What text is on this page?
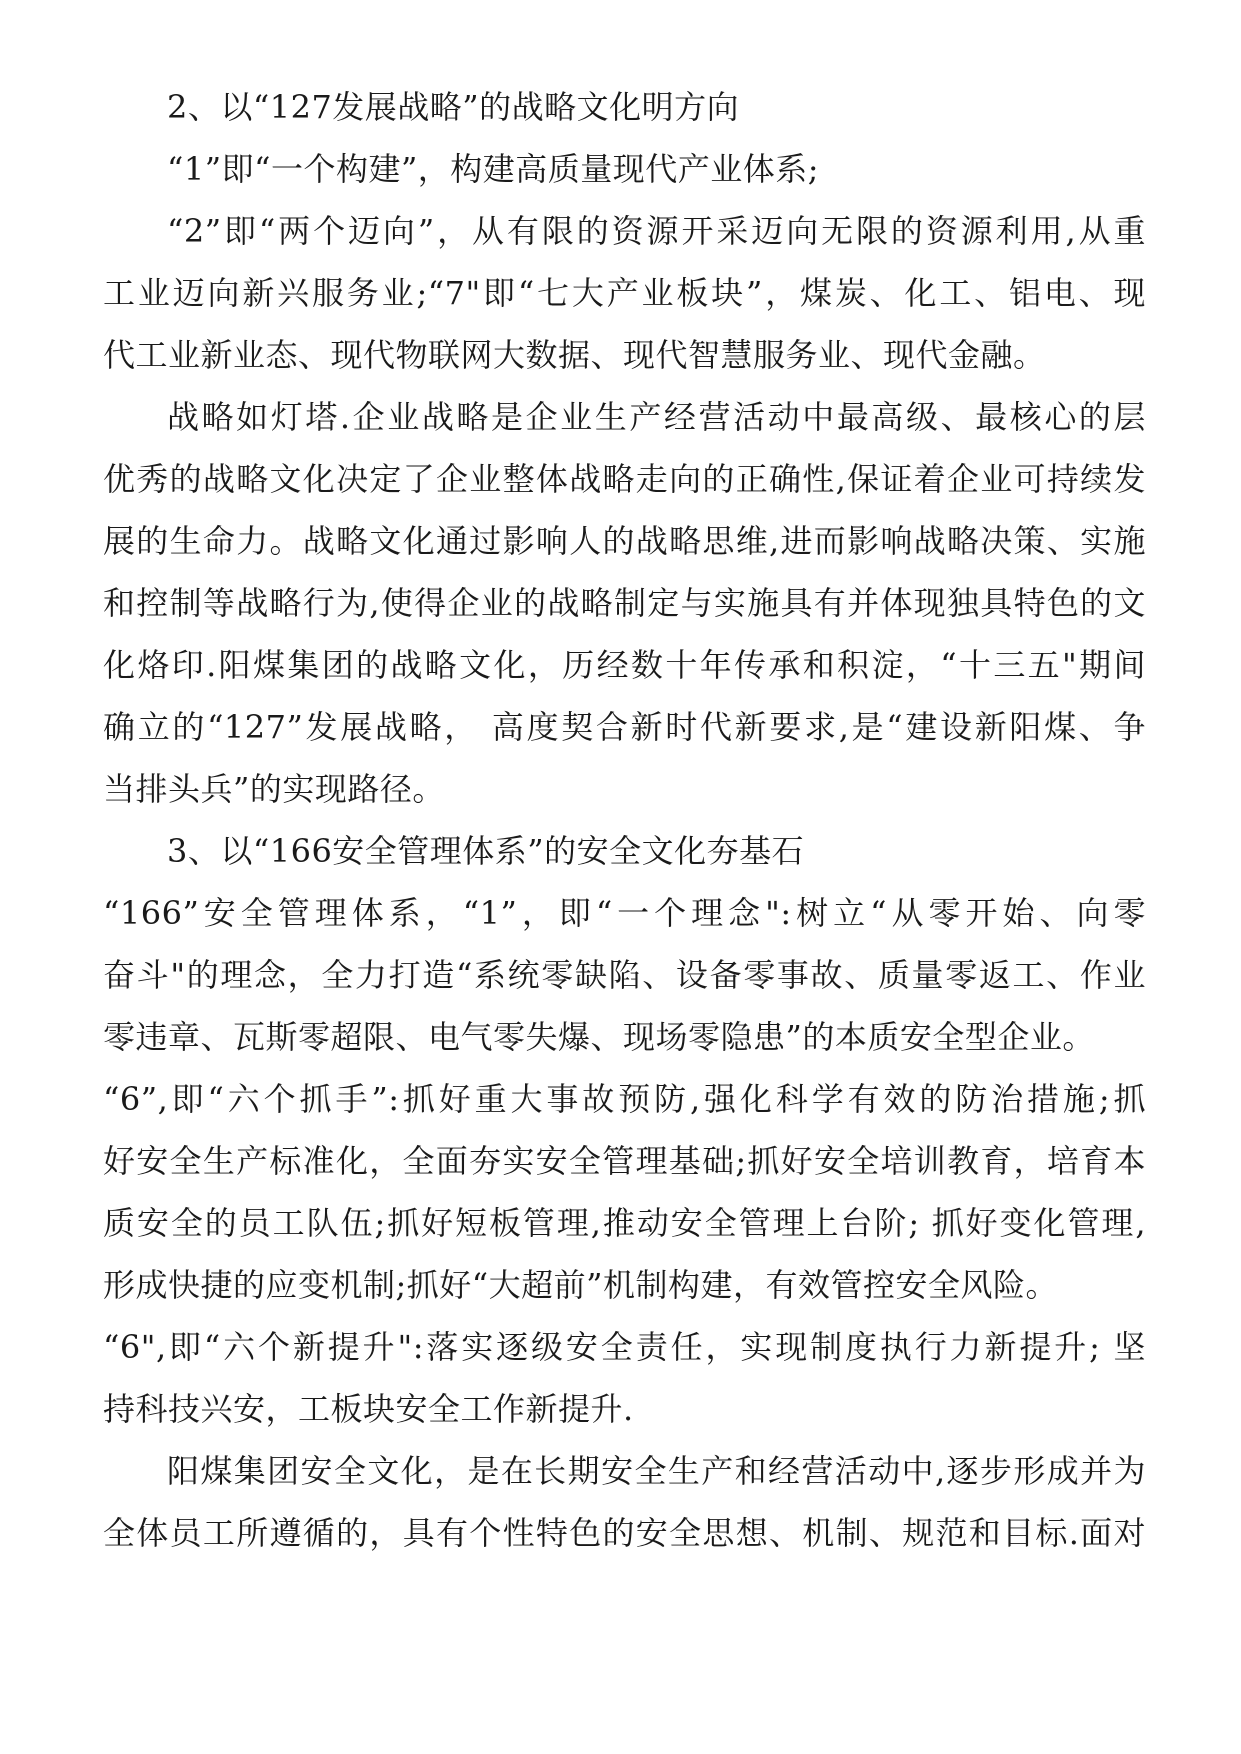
2、以“127发展战略”的战略文化明方向
“1”即“一个构建”，构建高质量现代产业体系;
“2”即“两个迈向”，从有限的资源开采迈向无限的资源利用,从重
工业迈向新兴服务业;“7"即“七大产业板块”，煤炭、化工、铝电、现
代工业新业态、现代物联网大数据、现代智慧服务业、现代金融。
战略如灯塔.企业战略是企业生产经营活动中最高级、最核心的层
优秀的战略文化决定了企业整体战略走向的正确性,保证着企业可持续发
展的生命力。战略文化通过影响人的战略思维,进而影响战略决策、实施
和控制等战略行为,使得企业的战略制定与实施具有并体现独具特色的文
化烙印.阳煤集团的战略文化，历经数十年传承和积淀，“十三五"期间
确立的“127”发展战略， 高度契合新时代新要求,是“建设新阳煤、争
当排头兵”的实现路径。
3、以“166安全管理体系”的安全文化夯基石
“166”安全管理体系，“1”，即“一个理念":树立“从零开始、向零
奋斗"的理念，全力打造“系统零缺陷、设备零事故、质量零返工、作业
零违章、瓦斯零超限、电气零失爆、现场零隐患”的本质安全型企业。
“6”,即“六个抓手”:抓好重大事故预防,强化科学有效的防治措施;抓
好安全生产标准化，全面夯实安全管理基础;抓好安全培训教育，培育本
质安全的员工队伍;抓好短板管理,推动安全管理上台阶; 抓好变化管理,
形成快捷的应变机制;抓好“大超前”机制构建，有效管控安全风险。
“6",即“六个新提升":落实逐级安全责任，实现制度执行力新提升; 坚
持科技兴安，工板块安全工作新提升.
阳煤集团安全文化，是在长期安全生产和经营活动中,逐步形成并为
全体员工所遵循的，具有个性特色的安全思想、机制、规范和目标.面对
